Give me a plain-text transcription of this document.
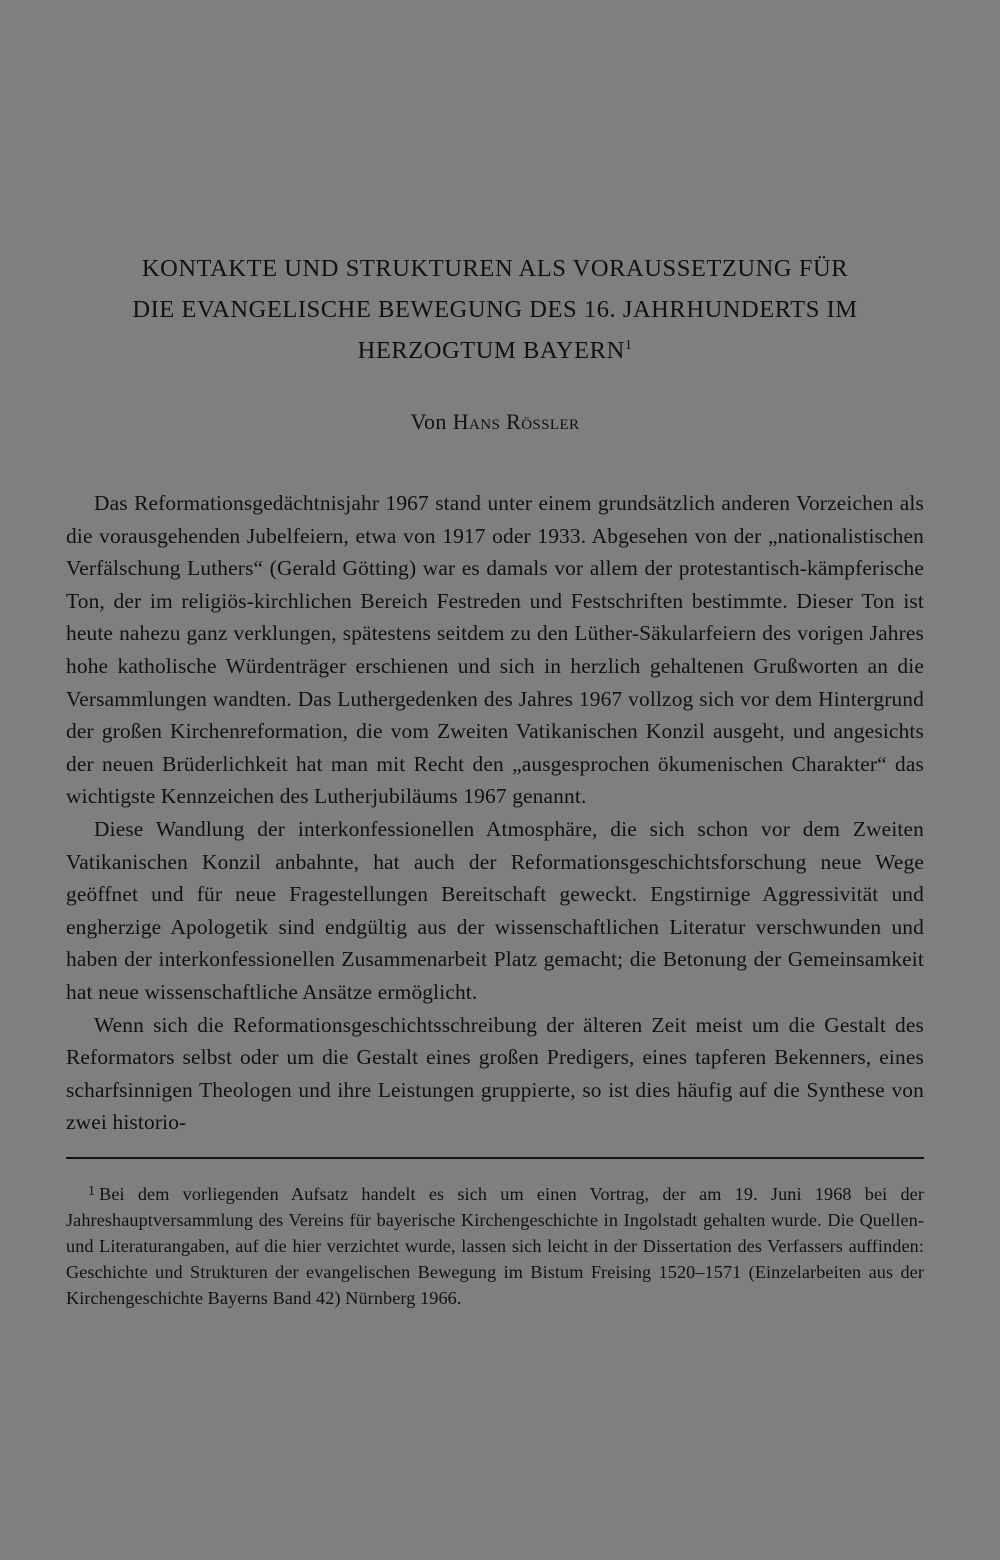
KONTAKTE UND STRUKTUREN ALS VORAUSSETZUNG FÜR
DIE EVANGELISCHE BEWEGUNG DES 16. JAHRHUNDERTS IM
HERZOGTUM BAYERN$^1$
Von Hans Rössler

Das Reformationsgedächtnisjahr 1967 stand unter einem grundsätzlich anderen Vorzeichen als die vorausgehenden Jubelfeiern, etwa von 1917 oder 1933. Abgesehen von der „nationalistischen Verfälschung Luthers“ (Gerald Götting) war es damals vor allem der protestantisch-kämpferische Ton, der im religiös-kirchlichen Bereich Festreden und Festschriften bestimmte. Dieser Ton ist heute nahezu ganz verklungen, spätestens seitdem zu den Lüther-Säkularfeiern des vorigen Jahres hohe katholische Würdenträger erschienen und sich in herzlich gehaltenen Grußworten an die Versammlungen wandten. Das Luthergedenken des Jahres 1967 vollzog sich vor dem Hintergrund der großen Kirchenreformation, die vom Zweiten Vatikanischen Konzil ausgeht, und angesichts der neuen Brüderlichkeit hat man mit Recht den „ausgesprochen ökumenischen Charakter“ das wichtigste Kennzeichen des Lutherjubiläums 1967 genannt.

Diese Wandlung der interkonfessionellen Atmosphäre, die sich schon vor dem Zweiten Vatikanischen Konzil anbahnte, hat auch der Reformationsgeschichtsforschung neue Wege geöffnet und für neue Fragestellungen Bereitschaft geweckt. Engstirnige Aggressivität und engherzige Apologetik sind endgültig aus der wissenschaftlichen Literatur verschwunden und haben der interkonfessionellen Zusammenarbeit Platz gemacht; die Betonung der Gemeinsamkeit hat neue wissenschaftliche Ansätze ermöglicht.

Wenn sich die Reformationsgeschichtsschreibung der älteren Zeit meist um die Gestalt des Reformators selbst oder um die Gestalt eines großen Predigers, eines tapferen Bekenners, eines scharfsinnigen Theologen und ihre Leistungen gruppierte, so ist dies häufig auf die Synthese von zwei historio-

$^1$ Bei dem vorliegenden Aufsatz handelt es sich um einen Vortrag, der am 19. Juni 1968 bei der Jahreshauptversammlung des Vereins für bayerische Kirchengeschichte in Ingolstadt gehalten wurde. Die Quellen- und Literaturangaben, auf die hier verzichtet wurde, lassen sich leicht in der Dissertation des Verfassers auffinden: Geschichte und Strukturen der evangelischen Bewegung im Bistum Freising 1520–1571 (Einzelarbeiten aus der Kirchengeschichte Bayerns Band 42) Nürnberg 1966.
